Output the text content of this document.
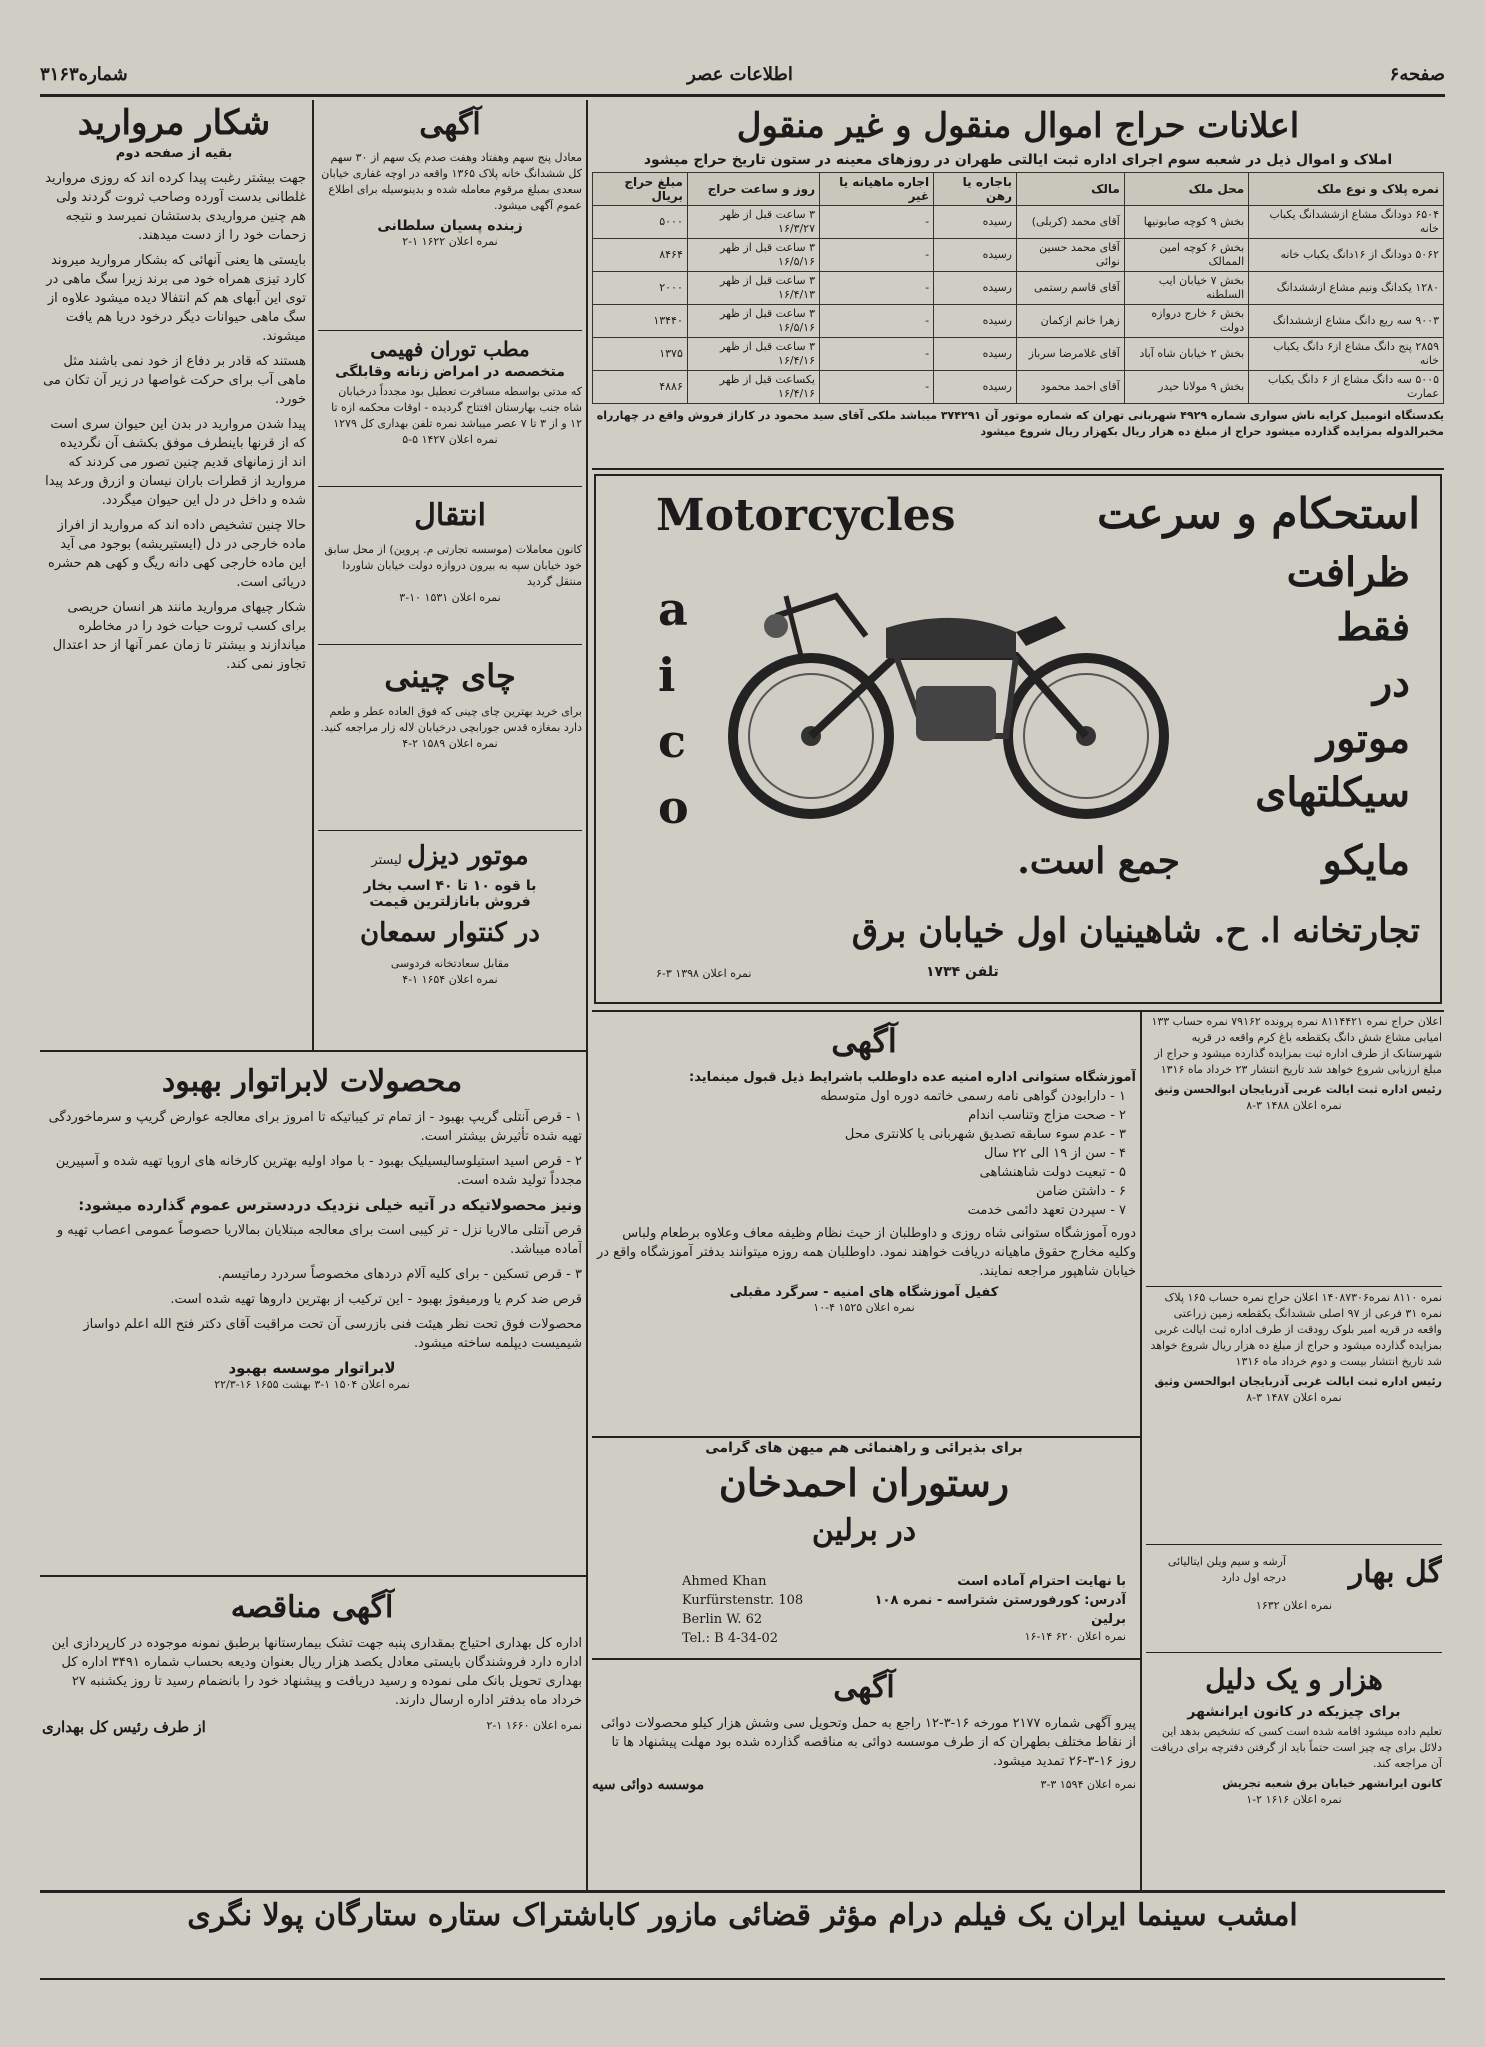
شماره۳۱۶۳	اطلاعات عصر	صفحه۶
شکار مروارید
بقیه از صفحه دوم

جهت بیشتر رغبت پیدا کرده اند که روزی مروارید غلطانی بدست آورده وصاحب ثروت گردند ولی هم چنین مرواریدی بدستشان نمیرسد و نتیجه زحمات خود را از دست میدهند.

بایستی ها یعنی آنهائی که بشکار مروارید میروند کارد تیزی همراه خود می برند زیرا سگ ماهی در توی این آبهای هم کم انتفالا دیده میشود علاوه از سگ ماهی حیوانات دیگر درخود دریا هم یافت میشوند.

هستند که قادر بر دفاع از خود نمی باشند مثل ماهی آب برای حرکت غواصها در زیر آن تکان می خورد.

پیدا شدن مروارید در بدن این حیوان سری است که از قرنها باینطرف موفق بکشف آن نگردیده اند از زمانهای قدیم چنین تصور می کردند که مروارید از قطرات باران نیسان و ازرق ورعد پیدا شده و داخل در دل این حیوان میگردد.

حالا چنین تشخیص داده اند که مروارید از افراز ماده خارجی در دل (ایستیریشه) بوجود می آید این ماده خارجی کهی دانه ریگ و کهی هم حشره دریائی است.

شکار چیهای مروارید مانند هر انسان حریصی برای کسب ثروت حیات خود را در مخاطره میاندازند و بیشتر تا زمان عمر آنها از حد اعتدال تجاوز نمی کند.

آگهی
معادل پنج سهم وهفتاد وهفت صدم یک سهم از ۳۰ سهم کل ششدانگ خانه پلاک ۱۳۶۵ واقعه در اوچه غفاری خیابان سعدی بمبلغ مرقوم معامله شده و بدینوسیله برای اطلاع عموم آگهی میشود.
زبنده پسیان سلطانی
نمره اعلان ۱۶۲۲ ۱-۲
مطب توران فهیمی
متخصصه در امراض زنانه وقابلگی
که مدتی بواسطه مسافرت تعطیل بود مجدداً درخیابان شاه جنب بهارستان افتتاح گردیده - اوقات محکمه ازه تا ۱۲ و از ۳ تا ۷ عصر میباشد نمره تلفن بهداری کل ۱۲۷۹
نمره اعلان ۱۴۲۷ ۵-۵
انتقال
کانون معاملات (موسسه تجارتی م. پروین) از محل سابق خود خیابان سپه به بیرون دروازه دولت خیابان شاوردا منتقل گردید
نمره اعلان ۱۵۳۱ ۱۰-۳
چای چینی
برای خرید بهترین چای چینی که فوق العاده عطر و طعم دارد بمغازه قدس جورابچی درخیابان لاله زار مراجعه کنید.
نمره اعلان ۱۵۸۹ ۲-۴
موتور دیزل لیستر
با قوه ۱۰ تا ۴۰ اسب بخار
فروش بانازلترین قیمت
در کنتوار سمعان
مقابل سعادتخانه فردوسی
نمره اعلان ۱۶۵۴ ۱-۴
محصولات لابراتوار بهبود

۱ - قرص آنتلی گریپ بهبود - از تمام تر کیباتیکه تا امروز برای معالجه عوارض گریپ و سرماخوردگی تهیه شده تأثیرش بیشتر است.

۲ - قرص اسید استیلوسالیسیلیک بهبود - با مواد اولیه بهترین کارخانه های اروپا تهیه شده و آسپیرین مجدداً تولید شده است.

ونیز محصولاتیکه در آتیه خیلی نزدیک دردسترس عموم گذارده میشود:

قرص آنتلی مالاریا نزل - تر کیبی است برای معالجه مبتلایان بمالاریا حصوصاً عمومی اعصاب تهیه و آماده میباشد.

۳ - قرص تسکین - برای کلیه آلام دردهای مخصوصاً سردرد رماتیسم.

قرص ضد کرم یا ورمیفوژ بهبود - این ترکیب از بهترین داروها تهیه شده است.

محصولات فوق تحت نظر هیئت فنی بازرسی آن تحت مراقبت آقای دکتر فتح الله اعلم دواساز شیمیست دیپلمه ساخته میشود.

لابراتوار موسسه بهبود
نمره اعلان ۱۵۰۴ ۱-۳ بهشت ۱۶۵۵ ۱۶-۲۲/۳
آگهی مناقصه
اداره کل بهداری احتیاج بمقداری پنبه جهت تشک بیمارستانها برطبق نمونه موجوده در کارپردازی این اداره دارد فروشندگان بایستی معادل یکصد هزار ریال بعنوان ودیعه بحساب شماره ۳۴۹۱ اداره کل بهداری تحویل بانک ملی نموده و رسید دریافت و پیشنهاد خود را بانضمام رسید تا روز یکشنبه ۲۷ خرداد ماه بدفتر اداره ارسال دارند.
از طرف رئیس کل بهداری	نمره اعلان ۱۶۶۰ ۱-۲
اعلانات حراج اموال منقول و غیر منقول
املاک و اموال ذیل در شعبه سوم اجرای اداره ثبت ایالتی طهران در روزهای معینه در ستون تاریخ حراج میشود
نمره پلاک و نوع ملک	محل ملک	مالک	باجاره یا رهن	اجاره ماهیانه یا غیر	روز و ساعت حراج	مبلغ حراج بریال
۶۵۰۴ دودانگ مشاع ازششدانگ یکباب خانه	بخش ۹ کوچه صابونیها	آقای محمد (کربلی)	رسیده	-	۳ ساعت قبل از ظهر ۱۶/۳/۲۷	۵۰۰۰
۵۰۶۲ دودانگ از ۱۶دانگ یکباب خانه	بخش ۶ کوچه امین الممالک	آقای محمد حسین نوائی	رسیده	-	۳ ساعت قبل از ظهر ۱۶/۵/۱۶	۸۴۶۴
۱۲۸۰ یکدانگ ونیم مشاع ازششدانگ	بخش ۷ خیابان ایب السلطنه	آقای قاسم رستمی	رسیده	-	۳ ساعت قبل از ظهر ۱۶/۴/۱۳	۲۰۰۰
۹۰۰۳ سه ربع دانگ مشاع ازششدانگ	بخش ۶ خارج دروازه دولت	زهرا خانم ازکمان	رسیده	-	۳ ساعت قبل از ظهر ۱۶/۵/۱۶	۱۳۴۴۰
۲۸۵۹ پنج دانگ مشاع از۶ دانگ یکباب خانه	بخش ۲ خیابان شاه آباد	آقای غلامرضا سرباز	رسیده	-	۳ ساعت قبل از ظهر ۱۶/۴/۱۶	۱۳۷۵
۵۰۰۵ سه دانگ مشاع از ۶ دانگ یکباب عمارت	بخش ۹ مولانا حیدر	آقای احمد محمود	رسیده	-	یکساعت قبل از ظهر ۱۶/۴/۱۶	۴۸۸۶
یکدستگاه اتومبیل کرایه ناش سواری شماره ۴۹۲۹ شهربانی تهران که شماره موتور آن ۳۷۴۲۹۱ میباشد ملکی آقای سید محمود در کاراژ فروش واقع در چهارراه مخبرالدوله بمزایده گذارده میشود حراج از مبلغ ده هزار ریال بکهزار ریال شروع میشود
Motorcycles
aico
استحکام و سرعت
ظرافت
فقط
در
موتور
سیکلتهای
مایکو
جمع است.
تجارتخانه ا. ح. شاهینیان اول خیابان برق
تلفن ۱۷۳۴
نمره اعلان ۱۳۹۸ ۳-۶
آگهی
آموزشگاه ستوانی اداره امنیه عده داوطلب باشرایط ذیل قبول مینماید:
۱ - دارابودن گواهی نامه رسمی خاتمه دوره اول متوسطه
۲ - صحت مزاج وتناسب اندام
۳ - عدم سوء سابقه تصدیق شهربانی یا کلانتری محل
۴ - سن از ۱۹ الی ۲۲ سال
۵ - تبعیت دولت شاهنشاهی
۶ - داشتن ضامن
۷ - سپردن تعهد دائمی خدمت
دوره آموزشگاه ستوانی شاه روزی و داوطلبان از حیث نظام وظیفه معاف وعلاوه برطعام ولباس وکلیه مخارج حقوق ماهیانه دریافت خواهند نمود. داوطلبان همه روزه میتوانند بدفتر آموزشگاه واقع در خیابان شاهپور مراجعه نمایند.
کفیل آموزشگاه های امنیه - سرگرد مقبلی
نمره اعلان ۱۵۲۵ ۴-۱۰
اعلان حراج نمره ۸۱۱۴۴۲۱ نمره پرونده ۷۹۱۶۲ نمره حساب ۱۳۳ امیابی مشاع شش دانگ یکقطعه باغ کرم واقعه در قریه شهرستانک از طرف اداره ثبت بمزایده گذارده میشود و حراج از مبلغ ارزیابی شروع خواهد شد تاریخ انتشار ۲۳ خرداد ماه ۱۳۱۶
رئیس اداره ثبت ایالت غربی آذربایجان ابوالحسن وثیق
نمره اعلان ۱۴۸۸ ۳-۸
نمره ۸۱۱۰ نمره۱۴۰۸۷۳۰۶ اعلان حراج نمره حساب ۱۶۵ پلاک نمره ۳۱ فرعی از ۹۷ اصلی ششدانگ یکقطعه زمین زراعتی واقعه در قریه امیر بلوک رودقت از طرف اداره ثبت ایالت غربی بمزایده گذارده میشود و حراج از مبلغ ده هزار ریال شروع خواهد شد تاریخ انتشار بیست و دوم خرداد ماه ۱۳۱۶
رئیس اداره ثبت ایالت غربی آذربایجان ابوالحسن وثیق
نمره اعلان ۱۴۸۷ ۳-۸
گل بهار
آرشه و سیم ویلن ایتالیائی درجه اول دارد
نمره اعلان ۱۶۳۲
هزار و یک دلیل
برای چیزیکه در کانون ایرانشهر
تعلیم داده میشود اقامه شده است کسی که تشخیص بدهد این دلائل برای چه چیز است حتماً باید از گرفتن دفترچه برای دریافت آن مراجعه کند.
کانون ایرانشهر خیابان برق شعبه تجریش
نمره اعلان ۱۶۱۶ ۲-۱
برای بذیرائی و راهنمائی هم میهن های گرامی
رستوران احمدخان
در برلین
با نهایت احترام آماده است
آدرس: کورفورستن شتراسه - نمره ۱۰۸ برلین
نمره اعلان ۶۲۰ ۱۴-۱۶
Ahmed Khan
Kurfürstenstr. 108
Berlin W. 62
Tel.: B 4-34-02
آگهی
پیرو آگهی شماره ۲۱۷۷ مورخه ۱۶-۳-۱۲ راجع به حمل وتحویل سی وشش هزار کیلو محصولات دوائی از نقاط مختلف بطهران که از طرف موسسه دوائی به مناقصه گذارده شده بود مهلت پیشنهاد ها تا روز ۱۶-۳-۲۶ تمدید میشود.
موسسه دوائی سیه	نمره اعلان ۱۵۹۴ ۳-۳
امشب سینما ایران یک فیلم درام مؤثر قضائی مازور کاباشتراک ستاره ستارگان پولا نگری
